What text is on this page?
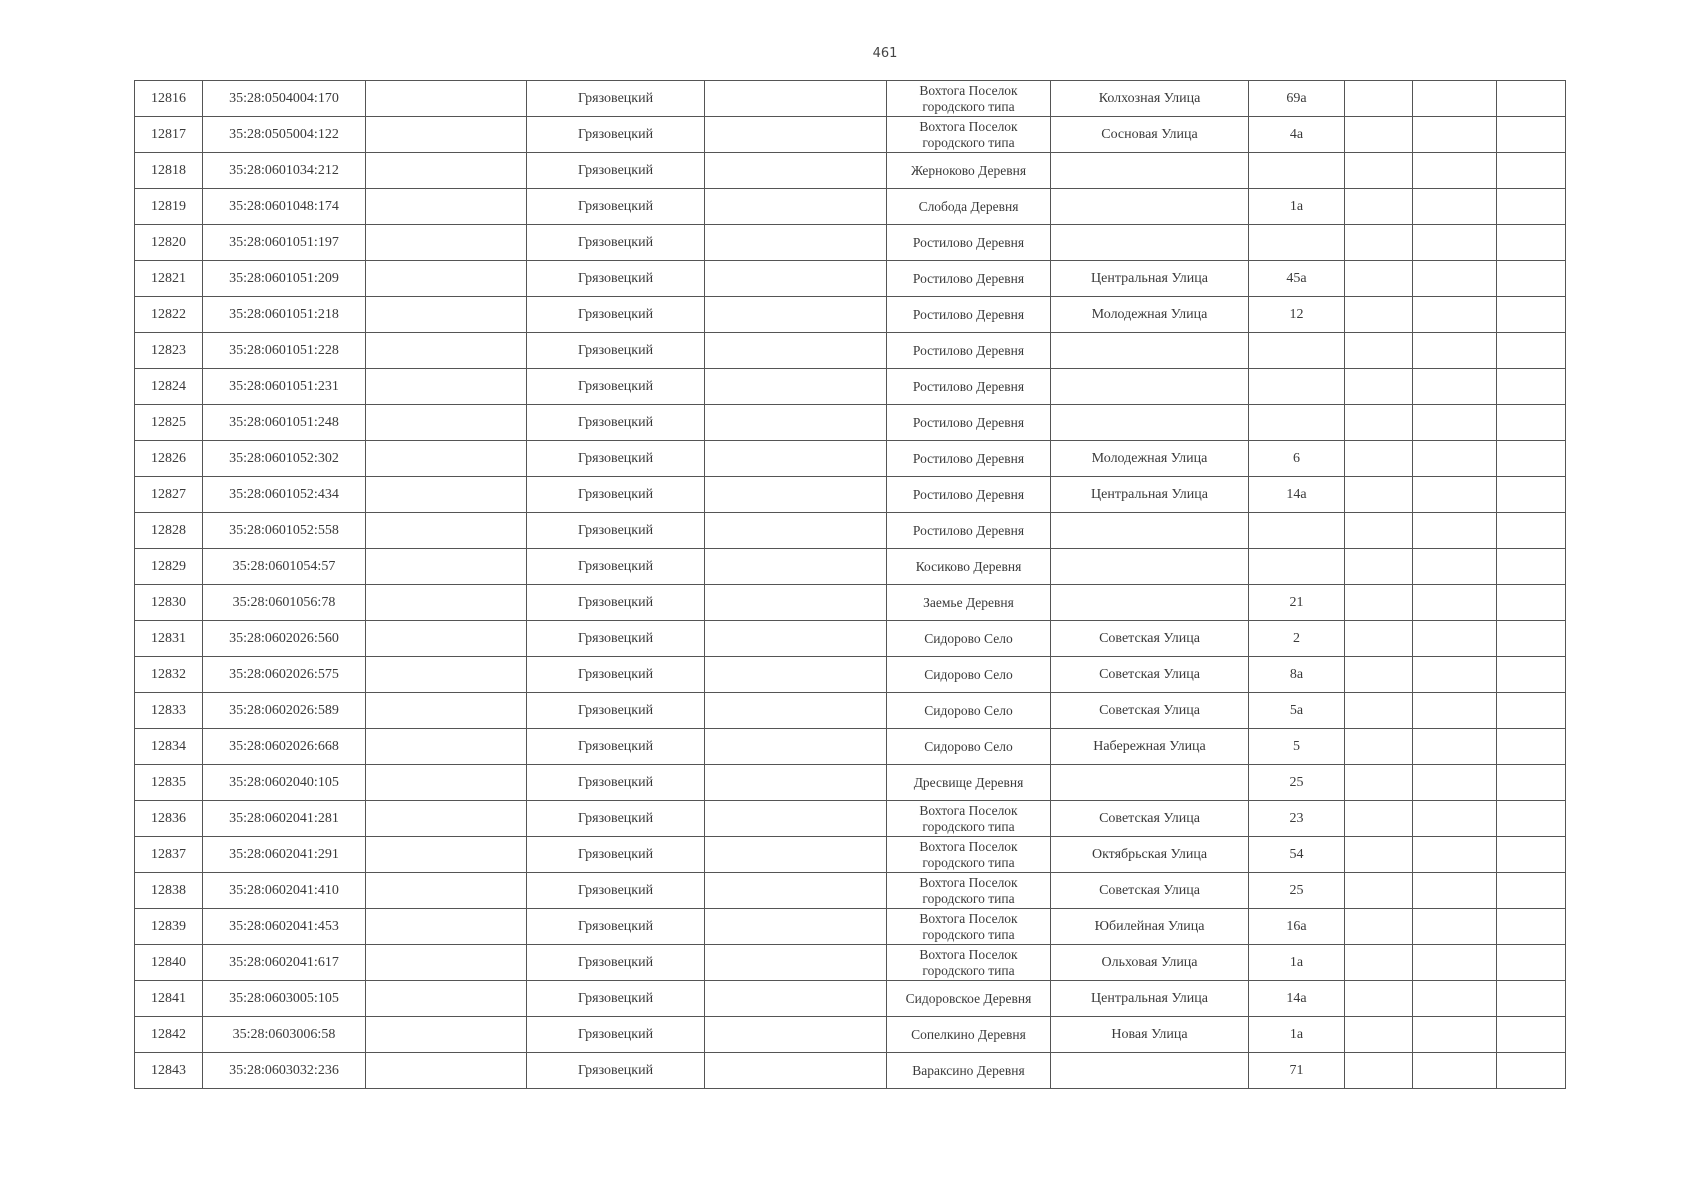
461
12816	35:28:0504004:170		Грязовецкий		Вохтога Поселок городского типа	Колхозная Улица	69а			
12817	35:28:0505004:122		Грязовецкий		Вохтога Поселок городского типа	Сосновая Улица	4а			
12818	35:28:0601034:212		Грязовецкий		Жерноково Деревня					
12819	35:28:0601048:174		Грязовецкий		Слобода Деревня		1а			
12820	35:28:0601051:197		Грязовецкий		Ростилово Деревня					
12821	35:28:0601051:209		Грязовецкий		Ростилово Деревня	Центральная Улица	45а			
12822	35:28:0601051:218		Грязовецкий		Ростилово Деревня	Молодежная Улица	12			
12823	35:28:0601051:228		Грязовецкий		Ростилово Деревня					
12824	35:28:0601051:231		Грязовецкий		Ростилово Деревня					
12825	35:28:0601051:248		Грязовецкий		Ростилово Деревня					
12826	35:28:0601052:302		Грязовецкий		Ростилово Деревня	Молодежная Улица	6			
12827	35:28:0601052:434		Грязовецкий		Ростилово Деревня	Центральная Улица	14а			
12828	35:28:0601052:558		Грязовецкий		Ростилово Деревня					
12829	35:28:0601054:57		Грязовецкий		Косиково Деревня					
12830	35:28:0601056:78		Грязовецкий		Заемье Деревня		21			
12831	35:28:0602026:560		Грязовецкий		Сидорово Село	Советская Улица	2			
12832	35:28:0602026:575		Грязовецкий		Сидорово Село	Советская Улица	8а			
12833	35:28:0602026:589		Грязовецкий		Сидорово Село	Советская Улица	5а			
12834	35:28:0602026:668		Грязовецкий		Сидорово Село	Набережная Улица	5			
12835	35:28:0602040:105		Грязовецкий		Дресвище Деревня		25			
12836	35:28:0602041:281		Грязовецкий		Вохтога Поселок городского типа	Советская Улица	23			
12837	35:28:0602041:291		Грязовецкий		Вохтога Поселок городского типа	Октябрьская Улица	54			
12838	35:28:0602041:410		Грязовецкий		Вохтога Поселок городского типа	Советская Улица	25			
12839	35:28:0602041:453		Грязовецкий		Вохтога Поселок городского типа	Юбилейная Улица	16а			
12840	35:28:0602041:617		Грязовецкий		Вохтога Поселок городского типа	Ольховая Улица	1а			
12841	35:28:0603005:105		Грязовецкий		Сидоровское Деревня	Центральная Улица	14а			
12842	35:28:0603006:58		Грязовецкий		Сопелкино Деревня	Новая Улица	1а			
12843	35:28:0603032:236		Грязовецкий		Вараксино Деревня		71			
